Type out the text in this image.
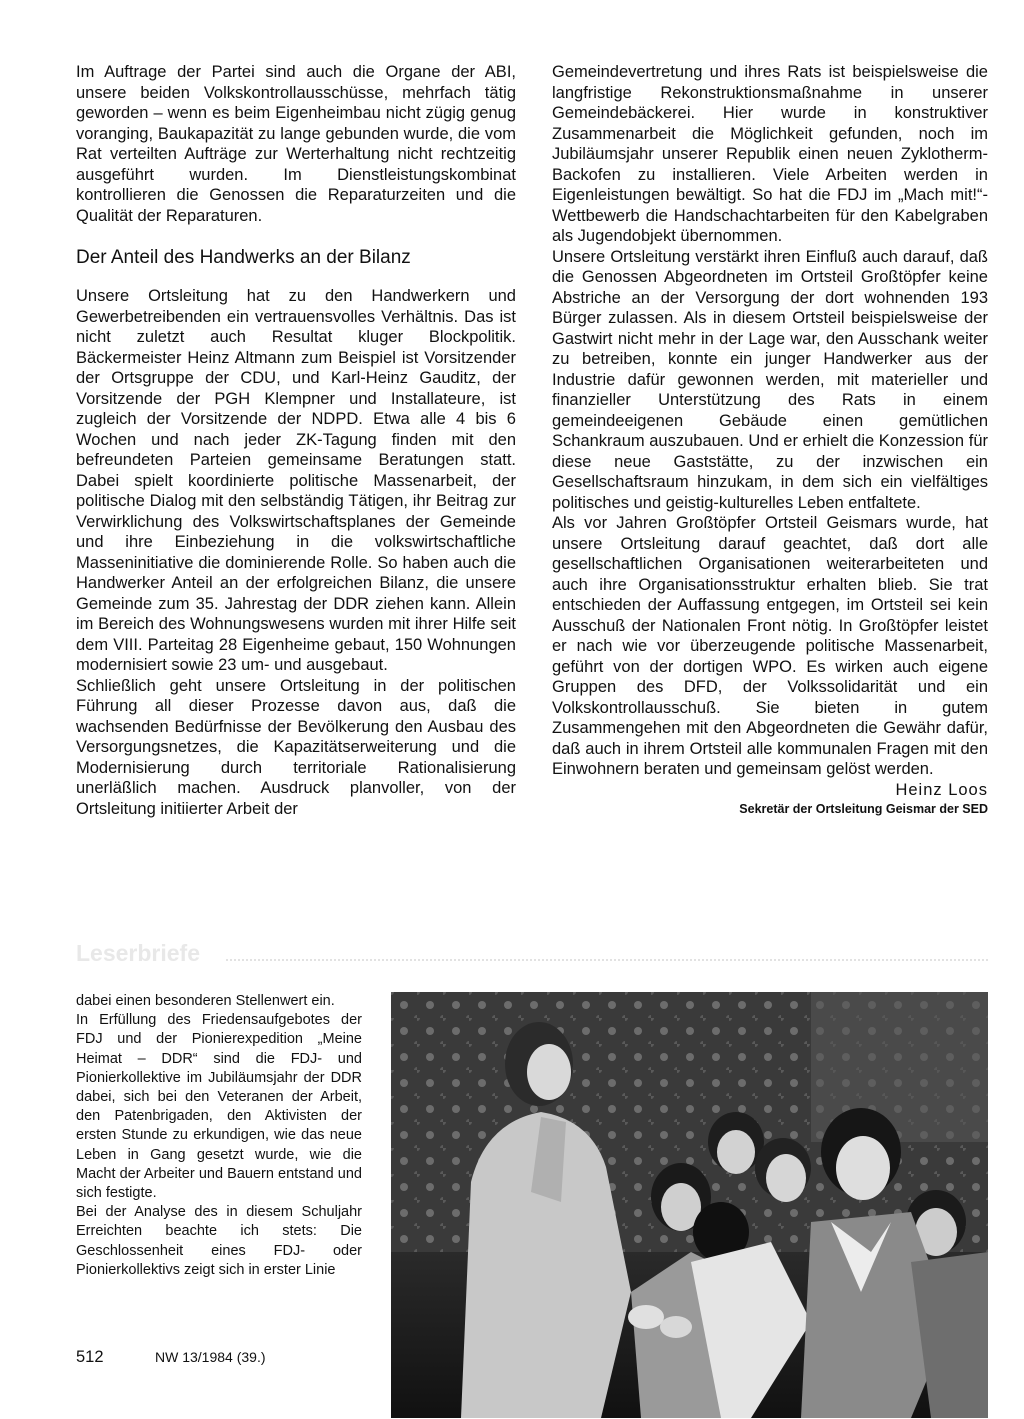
Im Auftrage der Partei sind auch die Organe der ABI, unsere beiden Volkskontrollausschüsse, mehrfach tätig geworden – wenn es beim Eigenheimbau nicht zügig genug voranging, Baukapazität zu lange gebunden wurde, die vom Rat verteilten Aufträge zur Werterhaltung nicht rechtzeitig ausgeführt wurden. Im Dienstleistungskombinat kontrollieren die Genossen die Reparaturzeiten und die Qualität der Reparaturen.

Der Anteil des Handwerks an der Bilanz

Unsere Ortsleitung hat zu den Handwerkern und Gewerbetreibenden ein vertrauensvolles Verhältnis. Das ist nicht zuletzt auch Resultat kluger Blockpolitik. Bäckermeister Heinz Altmann zum Beispiel ist Vorsitzender der Ortsgruppe der CDU, und Karl-Heinz Gauditz, der Vorsitzende der PGH Klempner und Installateure, ist zugleich der Vorsitzende der NDPD. Etwa alle 4 bis 6 Wochen und nach jeder ZK-Tagung finden mit den befreundeten Parteien gemeinsame Beratungen statt. Dabei spielt koordinierte politische Massenarbeit, der politische Dialog mit den selbständig Tätigen, ihr Beitrag zur Verwirklichung des Volkswirtschaftsplanes der Gemeinde und ihre Einbeziehung in die volkswirtschaftliche Masseninitiative die dominierende Rolle. So haben auch die Handwerker Anteil an der erfolgreichen Bilanz, die unsere Gemeinde zum 35. Jahrestag der DDR ziehen kann. Allein im Bereich des Wohnungswesens wurden mit ihrer Hilfe seit dem VIII. Parteitag 28 Eigenheime gebaut, 150 Wohnungen modernisiert sowie 23 um- und ausgebaut.

Schließlich geht unsere Ortsleitung in der politischen Führung all dieser Prozesse davon aus, daß die wachsenden Bedürfnisse der Bevölkerung den Ausbau des Versorgungsnetzes, die Kapazitätserweiterung und die Modernisierung durch territoriale Rationalisierung unerläßlich machen. Ausdruck planvoller, von der Ortsleitung initiierter Arbeit der

Gemeindevertretung und ihres Rats ist beispielsweise die langfristige Rekonstruktionsmaßnahme in unserer Gemeindebäckerei. Hier wurde in konstruktiver Zusammenarbeit die Möglichkeit gefunden, noch im Jubiläumsjahr unserer Republik einen neuen Zyklotherm-Backofen zu installieren. Viele Arbeiten werden in Eigenleistungen bewältigt. So hat die FDJ im „Mach mit!“-Wettbewerb die Handschachtarbeiten für den Kabelgraben als Jugendobjekt übernommen.

Unsere Ortsleitung verstärkt ihren Einfluß auch darauf, daß die Genossen Abgeordneten im Ortsteil Großtöpfer keine Abstriche an der Versorgung der dort wohnenden 193 Bürger zulassen. Als in diesem Ortsteil beispielsweise der Gastwirt nicht mehr in der Lage war, den Ausschank weiter zu betreiben, konnte ein junger Handwerker aus der Industrie dafür gewonnen werden, mit materieller und finanzieller Unterstützung des Rats in einem gemeindeeigenen Gebäude einen gemütlichen Schankraum auszubauen. Und er erhielt die Konzession für diese neue Gaststätte, zu der inzwischen ein Gesellschaftsraum hinzukam, in dem sich ein vielfältiges politisches und geistig-kulturelles Leben entfaltete.

Als vor Jahren Großtöpfer Ortsteil Geismars wurde, hat unsere Ortsleitung darauf geachtet, daß dort alle gesellschaftlichen Organisationen weiterarbeiteten und auch ihre Organisationsstruktur erhalten blieb. Sie trat entschieden der Auffassung entgegen, im Ortsteil sei kein Ausschuß der Nationalen Front nötig. In Großtöpfer leistet er nach wie vor überzeugende politische Massenarbeit, geführt von der dortigen WPO. Es wirken auch eigene Gruppen des DFD, der Volkssolidarität und ein Volkskontrollausschuß. Sie bieten in gutem Zusammengehen mit den Abgeordneten die Gewähr dafür, daß auch in ihrem Ortsteil alle kommunalen Fragen mit den Einwohnern beraten und gemeinsam gelöst werden.

Heinz Loos

Sekretär der Ortsleitung Geismar der SED

Leserbriefe

dabei einen besonderen Stellenwert ein.

In Erfüllung des Friedensaufgebotes der FDJ und der Pionierexpedition „Meine Heimat – DDR“ sind die FDJ- und Pionierkollektive im Jubiläumsjahr der DDR dabei, sich bei den Veteranen der Arbeit, den Patenbrigaden, den Aktivisten der ersten Stunde zu erkundigen, wie das neue Leben in Gang gesetzt wurde, wie die Macht der Arbeiter und Bauern entstand und sich festigte.

Bei der Analyse des in diesem Schuljahr Erreichten beachte ich stets: Die Geschlossenheit eines FDJ- oder Pionierkollektivs zeigt sich in erster Linie

512	NW 13/1984 (39.)
